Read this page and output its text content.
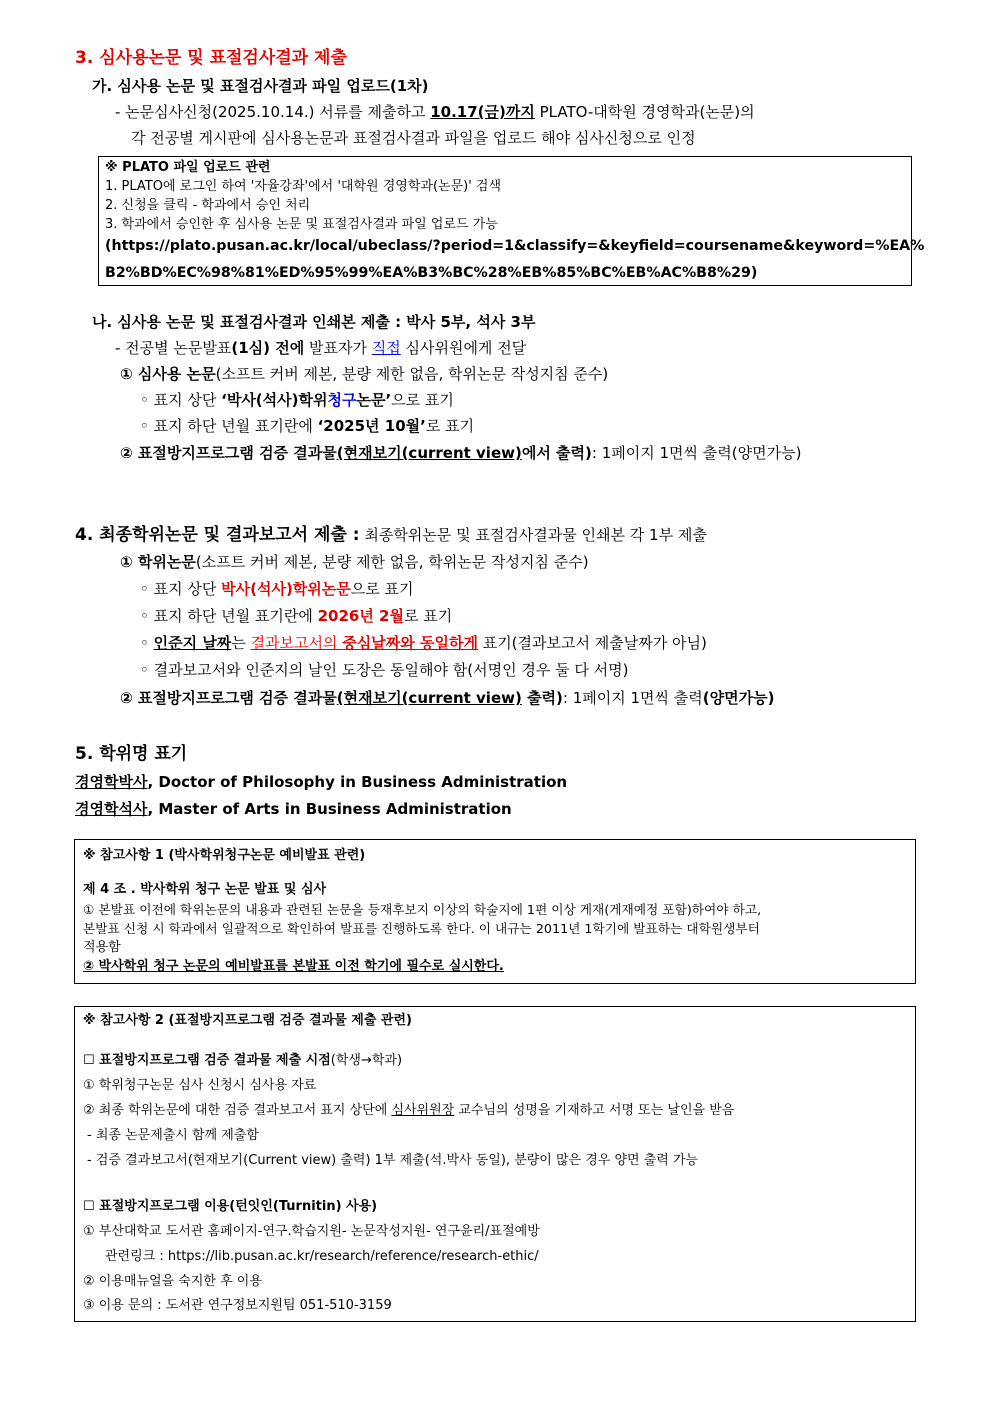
3. 심사용논문 및 표절검사결과 제출
가. 심사용 논문 및 표절검사결과 파일 업로드(1차)
- 논문심사신청(2025.10.14.) 서류를 제출하고 10.17(금)까지 PLATO-대학원 경영학과(논문)의
각 전공별 게시판에 심사용논문과 표절검사결과 파일을 업로드 해야 심사신청으로 인정
※ PLATO 파일 업로드 관련
1. PLATO에 로그인 하여 '자율강좌'에서 '대학원 경영학과(논문)' 검색
2. 신청을 클릭 - 학과에서 승인 처리
3. 학과에서 승인한 후 심사용 논문 및 표절검사결과 파일 업로드 가능
(https://plato.pusan.ac.kr/local/ubeclass/?period=1&classify=&keyfield=coursename&keyword=%EA%
B2%BD%EC%98%81%ED%95%99%EA%B3%BC%28%EB%85%BC%EB%AC%B8%29)
나. 심사용 논문 및 표절검사결과 인쇄본 제출 : 박사 5부, 석사 3부
- 전공별 논문발표(1심) 전에 발표자가 직접 심사위원에게 전달
① 심사용 논문(소프트 커버 제본, 분량 제한 없음, 학위논문 작성지침 준수)
◦ 표지 상단 ‘박사(석사)학위청구논문’으로 표기
◦ 표지 하단 년월 표기란에 ‘2025년 10월’로 표기
② 표절방지프로그램 검증 결과물(현재보기(current view)에서 출력): 1페이지 1면씩 출력(양면가능)
4. 최종학위논문 및 결과보고서 제출 : 최종학위논문 및 표절검사결과물 인쇄본 각 1부 제출
① 학위논문(소프트 커버 제본, 분량 제한 없음, 학위논문 작성지침 준수)
◦ 표지 상단 박사(석사)학위논문으로 표기
◦ 표지 하단 년월 표기란에 2026년 2월로 표기
◦ 인준지 날짜는 결과보고서의 중심날짜와 동일하게 표기(결과보고서 제출날짜가 아님)
◦ 결과보고서와 인준지의 날인 도장은 동일해야 함(서명인 경우 둘 다 서명)
② 표절방지프로그램 검증 결과물(현재보기(current view) 출력): 1페이지 1면씩 출력(양면가능)
5. 학위명 표기
경영학박사, Doctor of Philosophy in Business Administration
경영학석사, Master of Arts in Business Administration
※ 참고사항 1 (박사학위청구논문 예비발표 관련)
제 4 조 . 박사학위 청구 논문 발표 및 심사
① 본발표 이전에 학위논문의 내용과 관련된 논문을 등재후보지 이상의 학술지에 1편 이상 게재(게재예정 포함)하여야 하고,
본발표 신청 시 학과에서 일괄적으로 확인하여 발표를 진행하도록 한다. 이 내규는 2011년 1학기에 발표하는 대학원생부터
적용함
② 박사학위 청구 논문의 예비발표를 본발표 이전 학기에 필수로 실시한다.
※ 참고사항 2 (표절방지프로그램 검증 결과물 제출 관련)
☐ 표절방지프로그램 검증 결과물 제출 시점(학생→학과)
① 학위청구논문 심사 신청시 심사용 자료
② 최종 학위논문에 대한 검증 결과보고서 표지 상단에 심사위원장 교수님의 성명을 기재하고 서명 또는 날인을 받음
- 최종 논문제출시 함께 제출함
- 검증 결과보고서(현재보기(Current view) 출력) 1부 제출(석.박사 동일), 분량이 많은 경우 양면 출력 가능
☐ 표절방지프로그램 이용(턴잇인(Turnitin) 사용)
① 부산대학교 도서관 홈페이지-연구.학습지원- 논문작성지원- 연구윤리/표절예방
관련링크 : https://lib.pusan.ac.kr/research/reference/research-ethic/
② 이용매뉴얼을 숙지한 후 이용
③ 이용 문의 : 도서관 연구정보지원팀 051-510-3159
